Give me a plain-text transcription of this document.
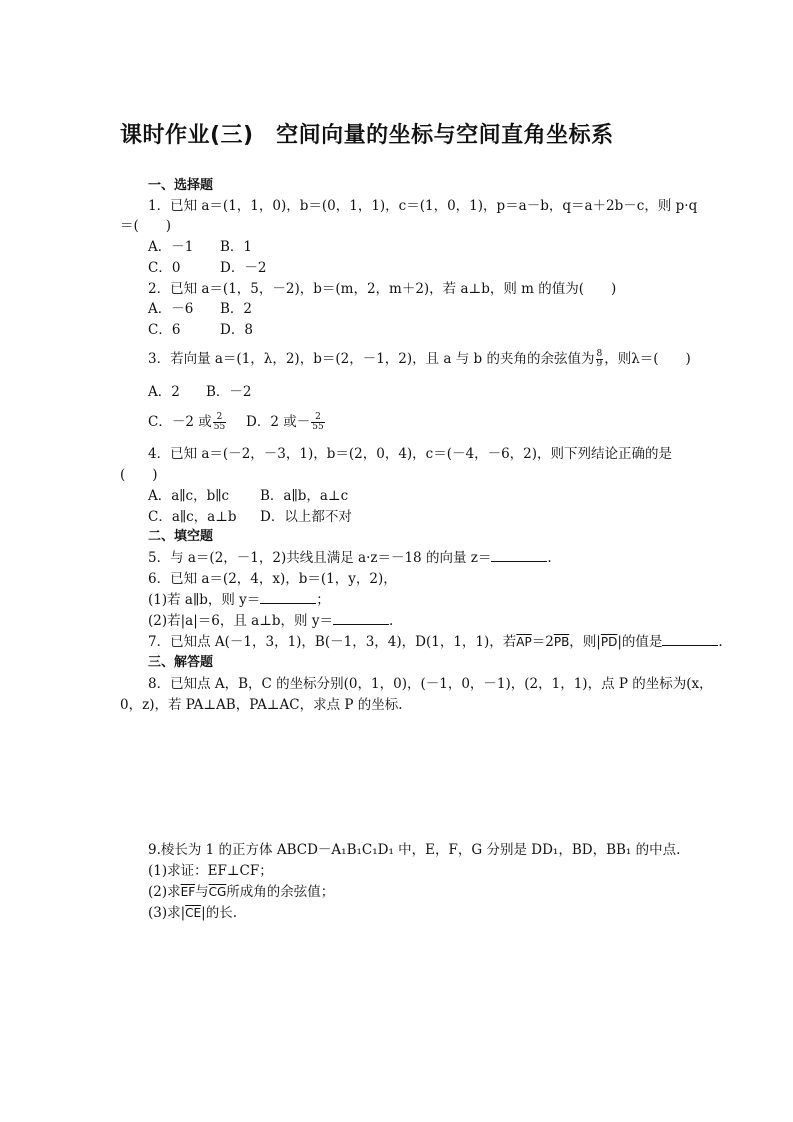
课时作业(三)　空间向量的坐标与空间直角坐标系
一、选择题
1．已知 a＝(1，1，0)，b＝(0，1，1)，c＝(1，0，1)，p＝a－b，q＝a＋2b－c，则 p·q
＝(　　)
A．－1 B．1
C．0	D．－2
2．已知 a＝(1，5，－2)，b＝(m，2，m＋2)，若 a⊥b，则 m 的值为(　　)
A．－6 B．2
C．6	D．8
3．若向量 a＝(1，λ，2)，b＝(2，－1，2)，且 a 与 b 的夹角的余弦值为 $\frac{8}{9}$ ，则λ＝(　　)
A．2 B．－2
C．－2 或 $\frac{2}{55}$ D．2 或－ $\frac{2}{55}$
4．已知 a＝(－2，－3，1)，b＝(2，0，4)，c＝(－4，－6，2)，则下列结论正确的是
(　　)
A．a∥c，b∥c B．a∥b，a⊥c
C．a∥c，a⊥b D．以上都不对
二、填空题
5．与 a＝(2，－1，2)共线且满足 a·z＝－18 的向量 z＝	.
6．已知 a＝(2，4，x)，b＝(1，y，2)，
(1)若 a∥b，则 y＝	；
(2)若|a|＝6，且 a⊥b，则 y＝	.
7．已知点 A(－1，3，1)，B(－1，3，4)，D(1，1，1)，若$\overline{AP}=2\overline{PB}$，则$|\overline{PD}|$的值是	.
三、解答题
8．已知点 A，B，C 的坐标分别(0，1，0)，(－1，0，－1)，(2，1，1)，点 P 的坐标为(x，
0，z)，若 PA⊥AB，PA⊥AC，求点 P 的坐标.
9.棱长为 1 的正方体 ABCD－A₁B₁C₁D₁ 中，E，F，G 分别是 DD₁，BD，BB₁ 的中点.
(1)求证：EF⊥CF；
(2)求$\overline{EF}$与$\overline{CG}$所成角的余弦值；
(3)求$|\overline{CE}|$的长.
